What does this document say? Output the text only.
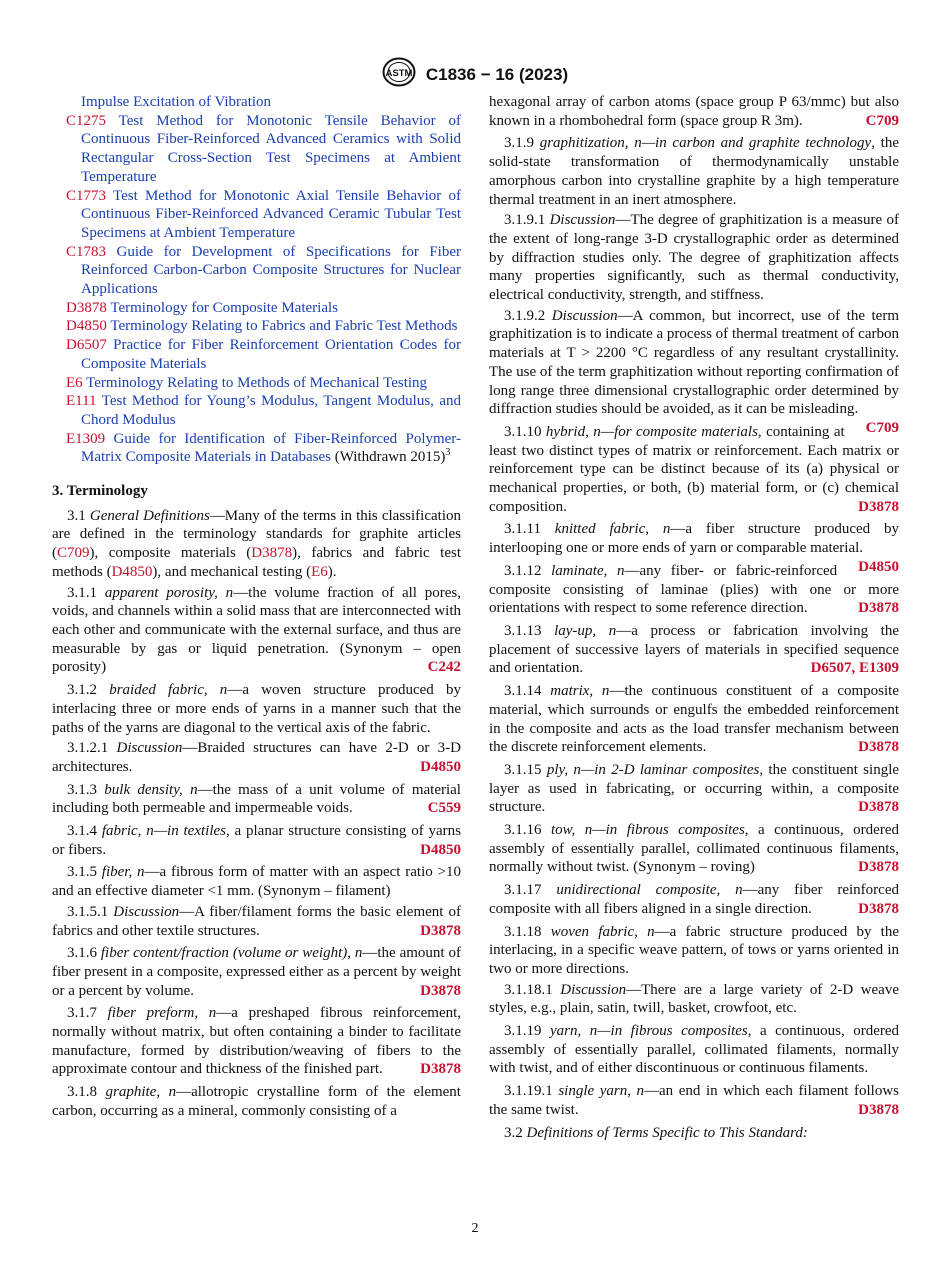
ASTM C1836 − 16 (2023)

Impulse Excitation of Vibration

C1275 Test Method for Monotonic Tensile Behavior of Continuous Fiber-Reinforced Advanced Ceramics with Solid Rectangular Cross-Section Test Specimens at Ambient Temperature

C1773 Test Method for Monotonic Axial Tensile Behavior of Continuous Fiber-Reinforced Advanced Ceramic Tubular Test Specimens at Ambient Temperature

C1783 Guide for Development of Specifications for Fiber Reinforced Carbon-Carbon Composite Structures for Nuclear Applications

D3878 Terminology for Composite Materials

D4850 Terminology Relating to Fabrics and Fabric Test Methods

D6507 Practice for Fiber Reinforcement Orientation Codes for Composite Materials

E6 Terminology Relating to Methods of Mechanical Testing

E111 Test Method for Young’s Modulus, Tangent Modulus, and Chord Modulus

E1309 Guide for Identification of Fiber-Reinforced Polymer-Matrix Composite Materials in Databases (Withdrawn 2015)$^3$

3. Terminology

3.1 General Definitions—Many of the terms in this classification are defined in the terminology standards for graphite articles (C709), composite materials (D3878), fabrics and fabric test methods (D4850), and mechanical testing (E6).

3.1.1 apparent porosity, n—the volume fraction of all pores, voids, and channels within a solid mass that are interconnected with each other and communicate with the external surface, and thus are measurable by gas or liquid penetration. (Synonym – open porosity)	C242

3.1.2 braided fabric, n—a woven structure produced by interlacing three or more ends of yarns in a manner such that the paths of the yarns are diagonal to the vertical axis of the fabric.

3.1.2.1 Discussion—Braided structures can have 2-D or 3-D architectures.	D4850

3.1.3 bulk density, n—the mass of a unit volume of material including both permeable and impermeable voids.	C559

3.1.4 fabric, n—in textiles, a planar structure consisting of yarns or fibers.	D4850

3.1.5 fiber, n—a fibrous form of matter with an aspect ratio >10 and an effective diameter <1 mm. (Synonym – filament)

3.1.5.1 Discussion—A fiber/filament forms the basic element of fabrics and other textile structures.	D3878

3.1.6 fiber content/fraction (volume or weight), n—the amount of fiber present in a composite, expressed either as a percent by weight or a percent by volume.	D3878

3.1.7 fiber preform, n—a preshaped fibrous reinforcement, normally without matrix, but often containing a binder to facilitate manufacture, formed by distribution/weaving of fibers to the approximate contour and thickness of the finished part.	D3878

3.1.8 graphite, n—allotropic crystalline form of the element carbon, occurring as a mineral, commonly consisting of a

hexagonal array of carbon atoms (space group P 63/mmc) but also known in a rhombohedral form (space group R 3m).	C709

3.1.9 graphitization, n—in carbon and graphite technology, the solid-state transformation of thermodynamically unstable amorphous carbon into crystalline graphite by a high temperature thermal treatment in an inert atmosphere.

3.1.9.1 Discussion—The degree of graphitization is a measure of the extent of long-range 3-D crystallographic order as determined by diffraction studies only. The degree of graphitization affects many properties significantly, such as thermal conductivity, electrical conductivity, strength, and stiffness.

3.1.9.2 Discussion—A common, but incorrect, use of the term graphitization is to indicate a process of thermal treatment of carbon materials at T > 2200 °C regardless of any resultant crystallinity. The use of the term graphitization without reporting confirmation of long range three dimensional crystallographic order determined by diffraction studies should be avoided, as it can be misleading.
C709

3.1.10 hybrid, n—for composite materials, containing at least two distinct types of matrix or reinforcement. Each matrix or reinforcement type can be distinct because of its (a) physical or mechanical properties, or both, (b) material form, or (c) chemical composition.	D3878

3.1.11 knitted fabric, n—a fiber structure produced by interlooping one or more ends of yarn or comparable material.
D4850

3.1.12 laminate, n—any fiber- or fabric-reinforced composite consisting of laminae (plies) with one or more orientations with respect to some reference direction.	D3878

3.1.13 lay-up, n—a process or fabrication involving the placement of successive layers of materials in specified sequence and orientation.	D6507, E1309

3.1.14 matrix, n—the continuous constituent of a composite material, which surrounds or engulfs the embedded reinforcement in the composite and acts as the load transfer mechanism between the discrete reinforcement elements.	D3878

3.1.15 ply, n—in 2-D laminar composites, the constituent single layer as used in fabricating, or occurring within, a composite structure.	D3878

3.1.16 tow, n—in fibrous composites, a continuous, ordered assembly of essentially parallel, collimated continuous filaments, normally without twist. (Synonym – roving)	D3878

3.1.17 unidirectional composite, n—any fiber reinforced composite with all fibers aligned in a single direction.	D3878

3.1.18 woven fabric, n—a fabric structure produced by the interlacing, in a specific weave pattern, of tows or yarns oriented in two or more directions.

3.1.18.1 Discussion—There are a large variety of 2-D weave styles, e.g., plain, satin, twill, basket, crowfoot, etc.

3.1.19 yarn, n—in fibrous composites, a continuous, ordered assembly of essentially parallel, collimated filaments, normally with twist, and of either discontinuous or continuous filaments.

3.1.19.1 single yarn, n—an end in which each filament follows the same twist.	D3878

3.2 Definitions of Terms Specific to This Standard:

2
